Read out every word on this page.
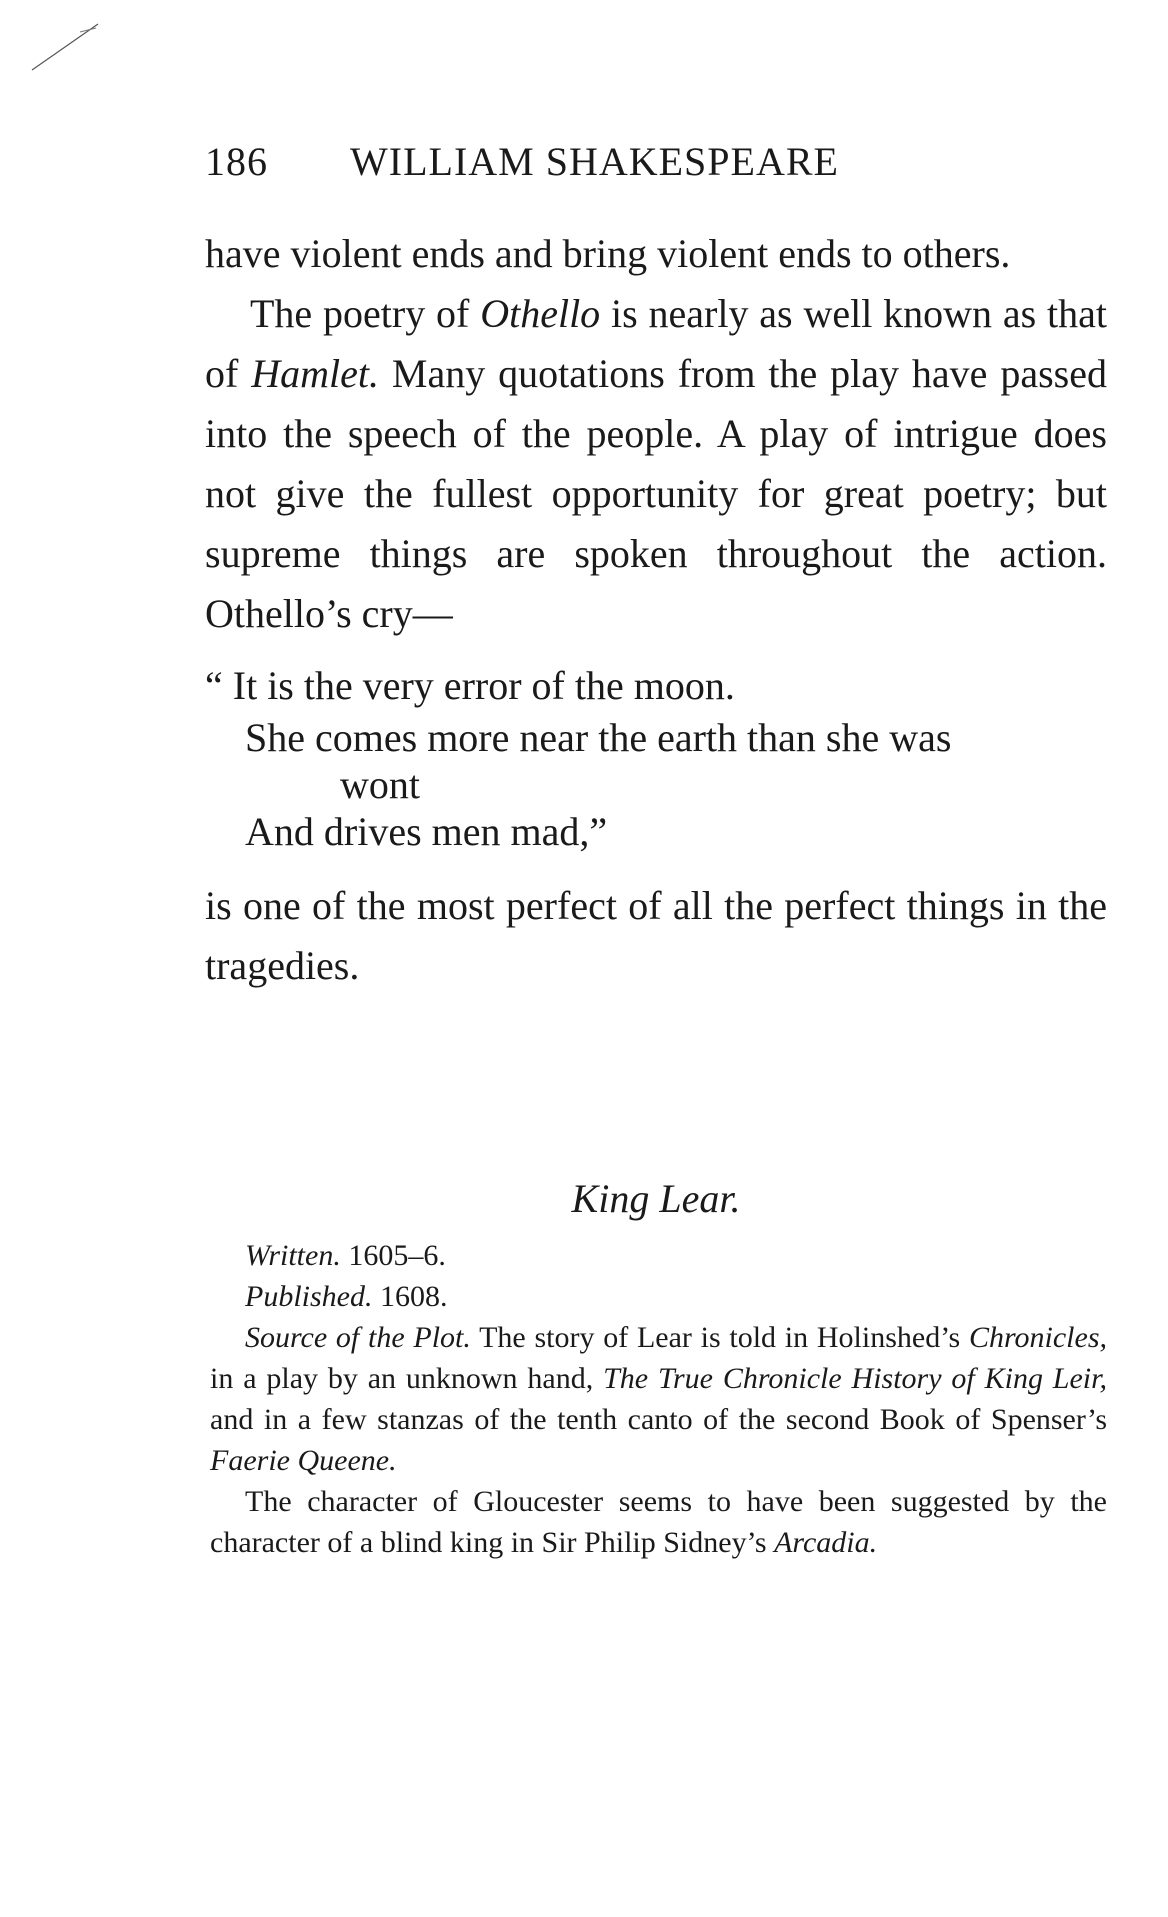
186 WILLIAM SHAKESPEARE

have violent ends and bring violent ends to others.

The poetry of Othello is nearly as well known as that of Hamlet. Many quotations from the play have passed into the speech of the people. A play of intrigue does not give the fullest opportunity for great poetry; but supreme things are spoken throughout the action. Othello’s cry—

“ It is the very error of the moon.
She comes more near the earth than she was
wont
And drives men mad,”

is one of the most perfect of all the perfect things in the tragedies.

King Lear.
Written. 1605–6.
Published. 1608.

Source of the Plot. The story of Lear is told in Holinshed’s Chronicles, in a play by an unknown hand, The True Chronicle History of King Leir, and in a few stanzas of the tenth canto of the second Book of Spenser’s Faerie Queene.

The character of Gloucester seems to have been suggested by the character of a blind king in Sir Philip Sidney’s Arcadia.
